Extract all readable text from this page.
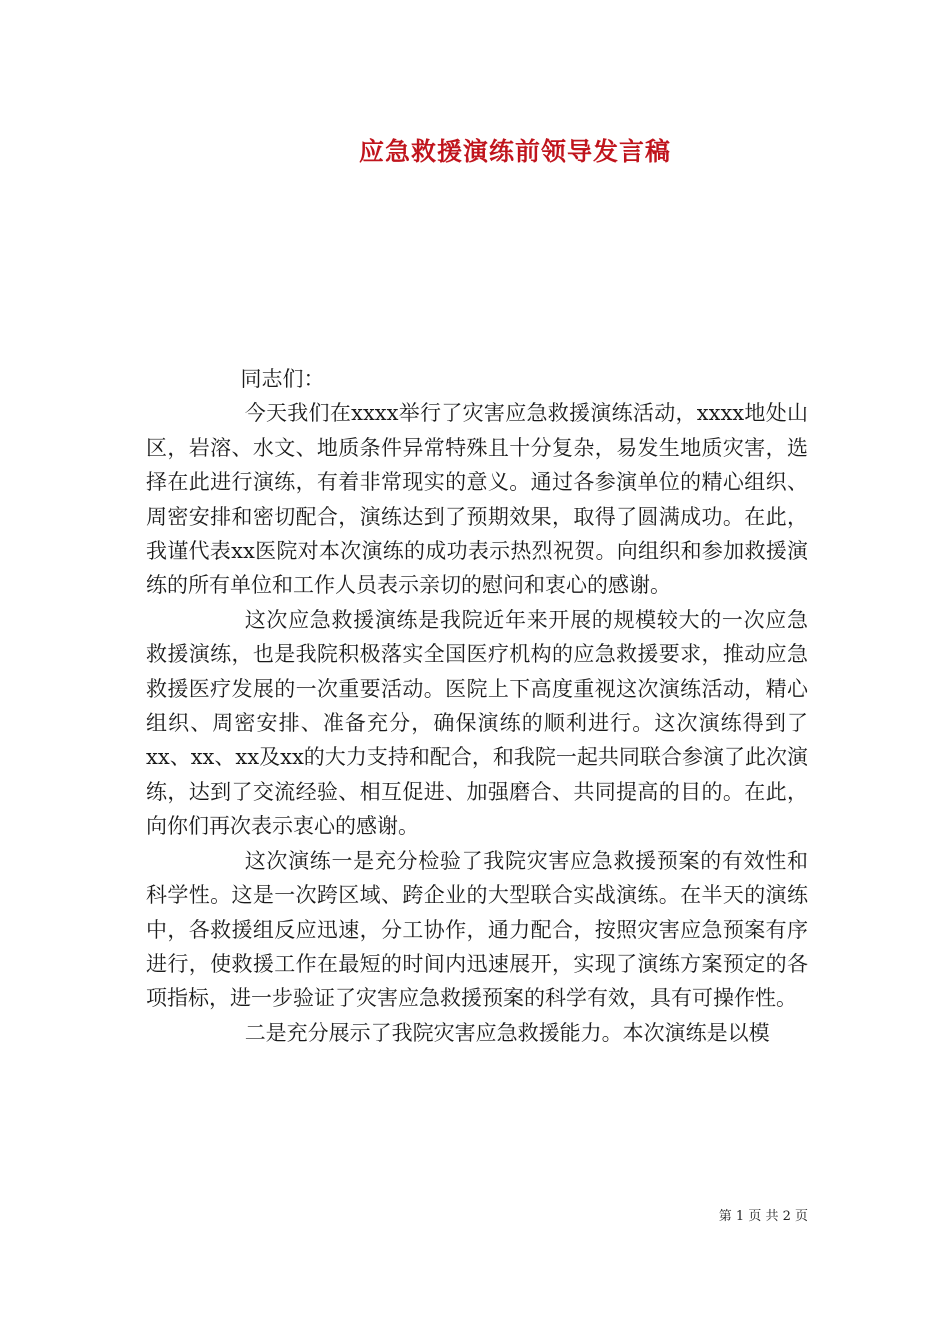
应急救援演练前领导发言稿

同志们：

今天我们在xxxx举行了灾害应急救援演练活动，xxxx地处山区，岩溶、水文、地质条件异常特殊且十分复杂，易发生地质灾害，选择在此进行演练，有着非常现实的意义。通过各参演单位的精心组织、周密安排和密切配合，演练达到了预期效果，取得了圆满成功。在此，我谨代表xx医院对本次演练的成功表示热烈祝贺。向组织和参加救援演练的所有单位和工作人员表示亲切的慰问和衷心的感谢。

这次应急救援演练是我院近年来开展的规模较大的一次应急救援演练，也是我院积极落实全国医疗机构的应急救援要求，推动应急救援医疗发展的一次重要活动。医院上下高度重视这次演练活动，精心组织、周密安排、准备充分，确保演练的顺利进行。这次演练得到了xx、xx、xx及xx的大力支持和配合，和我院一起共同联合参演了此次演练，达到了交流经验、相互促进、加强磨合、共同提高的目的。在此，向你们再次表示衷心的感谢。

这次演练一是充分检验了我院灾害应急救援预案的有效性和科学性。这是一次跨区域、跨企业的大型联合实战演练。在半天的演练中，各救援组反应迅速，分工协作，通力配合，按照灾害应急预案有序进行，使救援工作在最短的时间内迅速展开，实现了演练方案预定的各项指标，进一步验证了灾害应急救援预案的科学有效，具有可操作性。

二是充分展示了我院灾害应急救援能力。本次演练是以模

第 1 页 共 2 页
